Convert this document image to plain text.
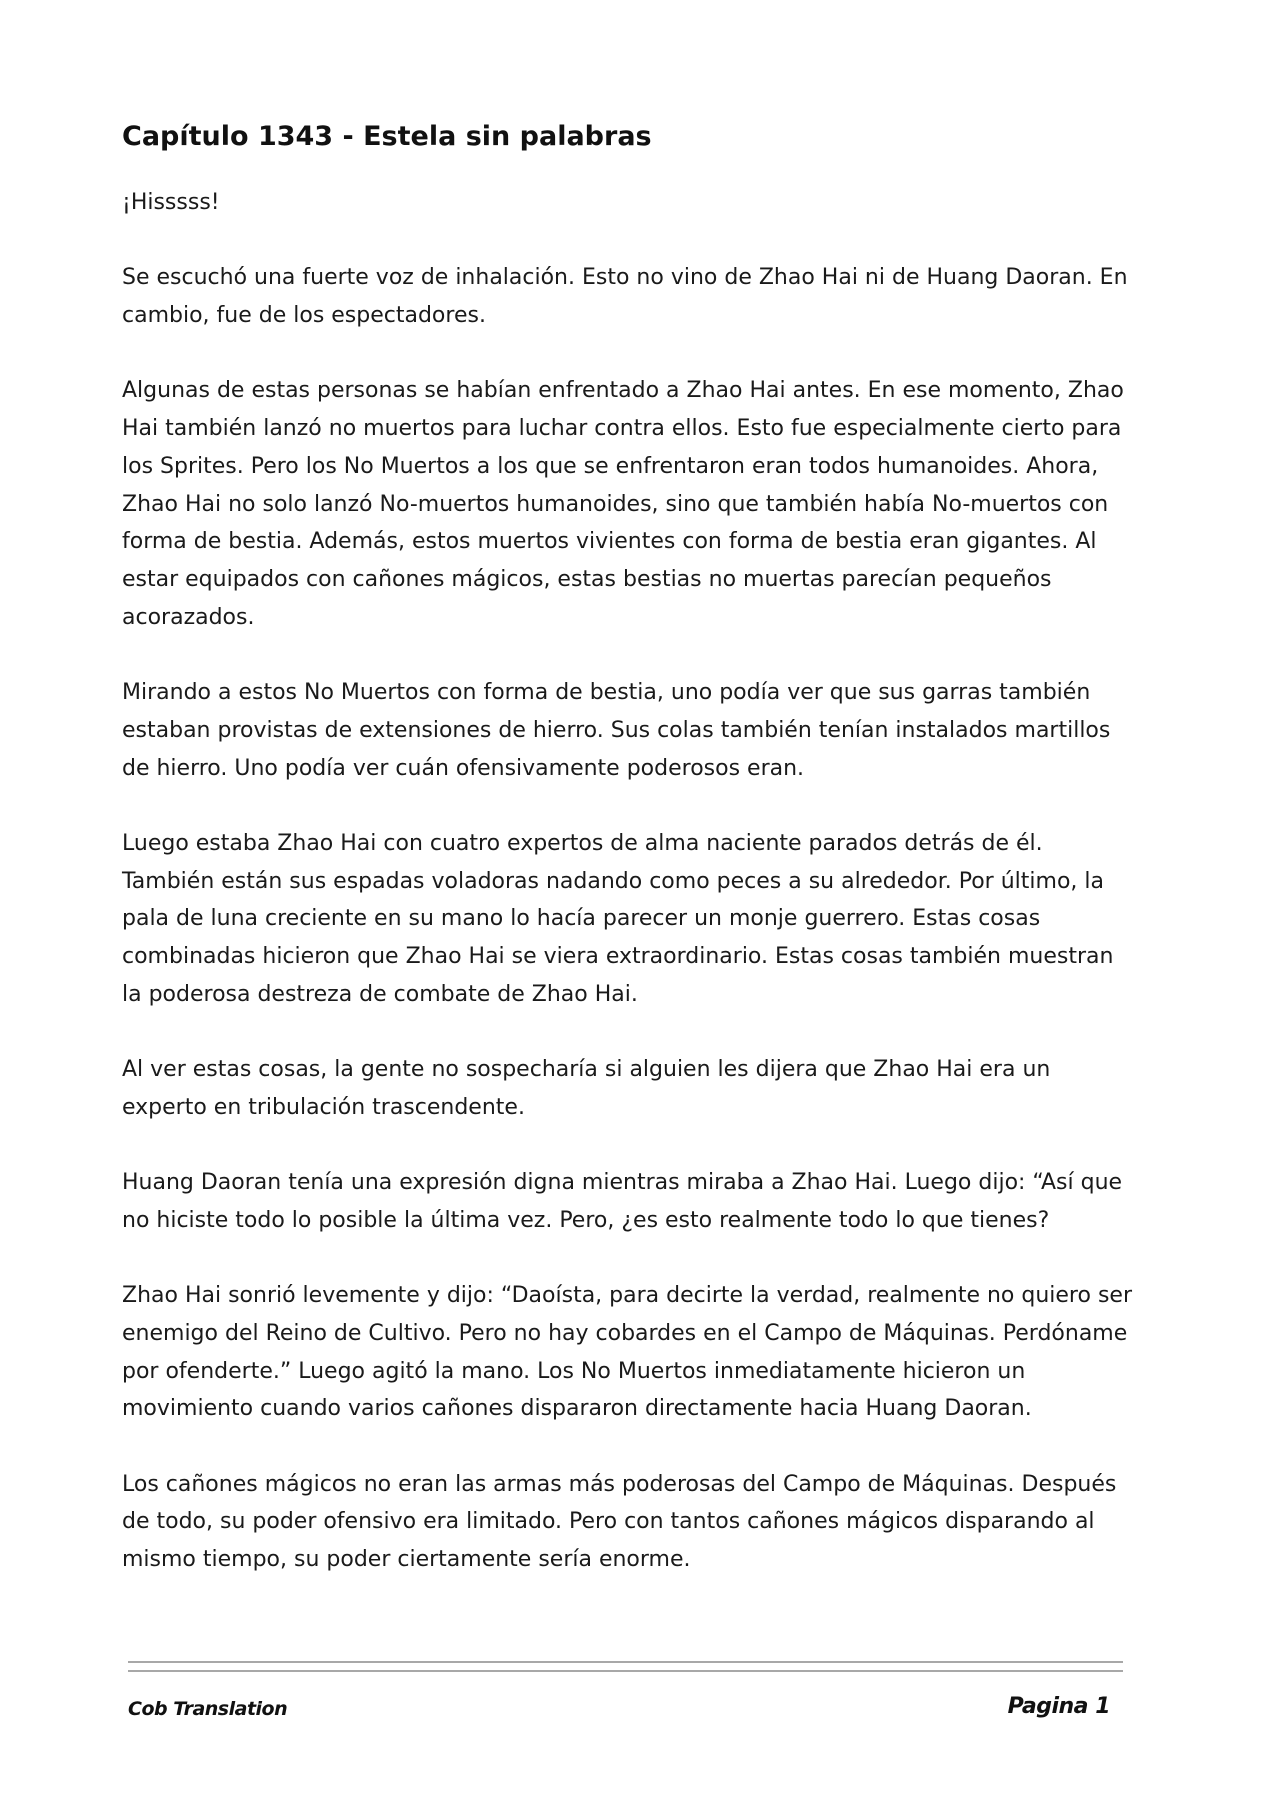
Capítulo 1343 - Estela sin palabras

¡Hisssss!

Se escuchó una fuerte voz de inhalación. Esto no vino de Zhao Hai ni de Huang Daoran. En cambio, fue de los espectadores.

Algunas de estas personas se habían enfrentado a Zhao Hai antes. En ese momento, Zhao Hai también lanzó no muertos para luchar contra ellos. Esto fue especialmente cierto para los Sprites. Pero los No Muertos a los que se enfrentaron eran todos humanoides. Ahora, Zhao Hai no solo lanzó No-muertos humanoides, sino que también había No-muertos con forma de bestia. Además, estos muertos vivientes con forma de bestia eran gigantes. Al estar equipados con cañones mágicos, estas bestias no muertas parecían pequeños acorazados.

Mirando a estos No Muertos con forma de bestia, uno podía ver que sus garras también estaban provistas de extensiones de hierro. Sus colas también tenían instalados martillos de hierro. Uno podía ver cuán ofensivamente poderosos eran.

Luego estaba Zhao Hai con cuatro expertos de alma naciente parados detrás de él. También están sus espadas voladoras nadando como peces a su alrededor. Por último, la pala de luna creciente en su mano lo hacía parecer un monje guerrero. Estas cosas combinadas hicieron que Zhao Hai se viera extraordinario. Estas cosas también muestran la poderosa destreza de combate de Zhao Hai.

Al ver estas cosas, la gente no sospecharía si alguien les dijera que Zhao Hai era un experto en tribulación trascendente.

Huang Daoran tenía una expresión digna mientras miraba a Zhao Hai. Luego dijo: “Así que no hiciste todo lo posible la última vez. Pero, ¿es esto realmente todo lo que tienes?

Zhao Hai sonrió levemente y dijo: “Daoísta, para decirte la verdad, realmente no quiero ser enemigo del Reino de Cultivo. Pero no hay cobardes en el Campo de Máquinas. Perdóname por ofenderte.” Luego agitó la mano. Los No Muertos inmediatamente hicieron un movimiento cuando varios cañones dispararon directamente hacia Huang Daoran.

Los cañones mágicos no eran las armas más poderosas del Campo de Máquinas. Después de todo, su poder ofensivo era limitado. Pero con tantos cañones mágicos disparando al mismo tiempo, su poder ciertamente sería enorme.

Cob Translation	Pagina 1
